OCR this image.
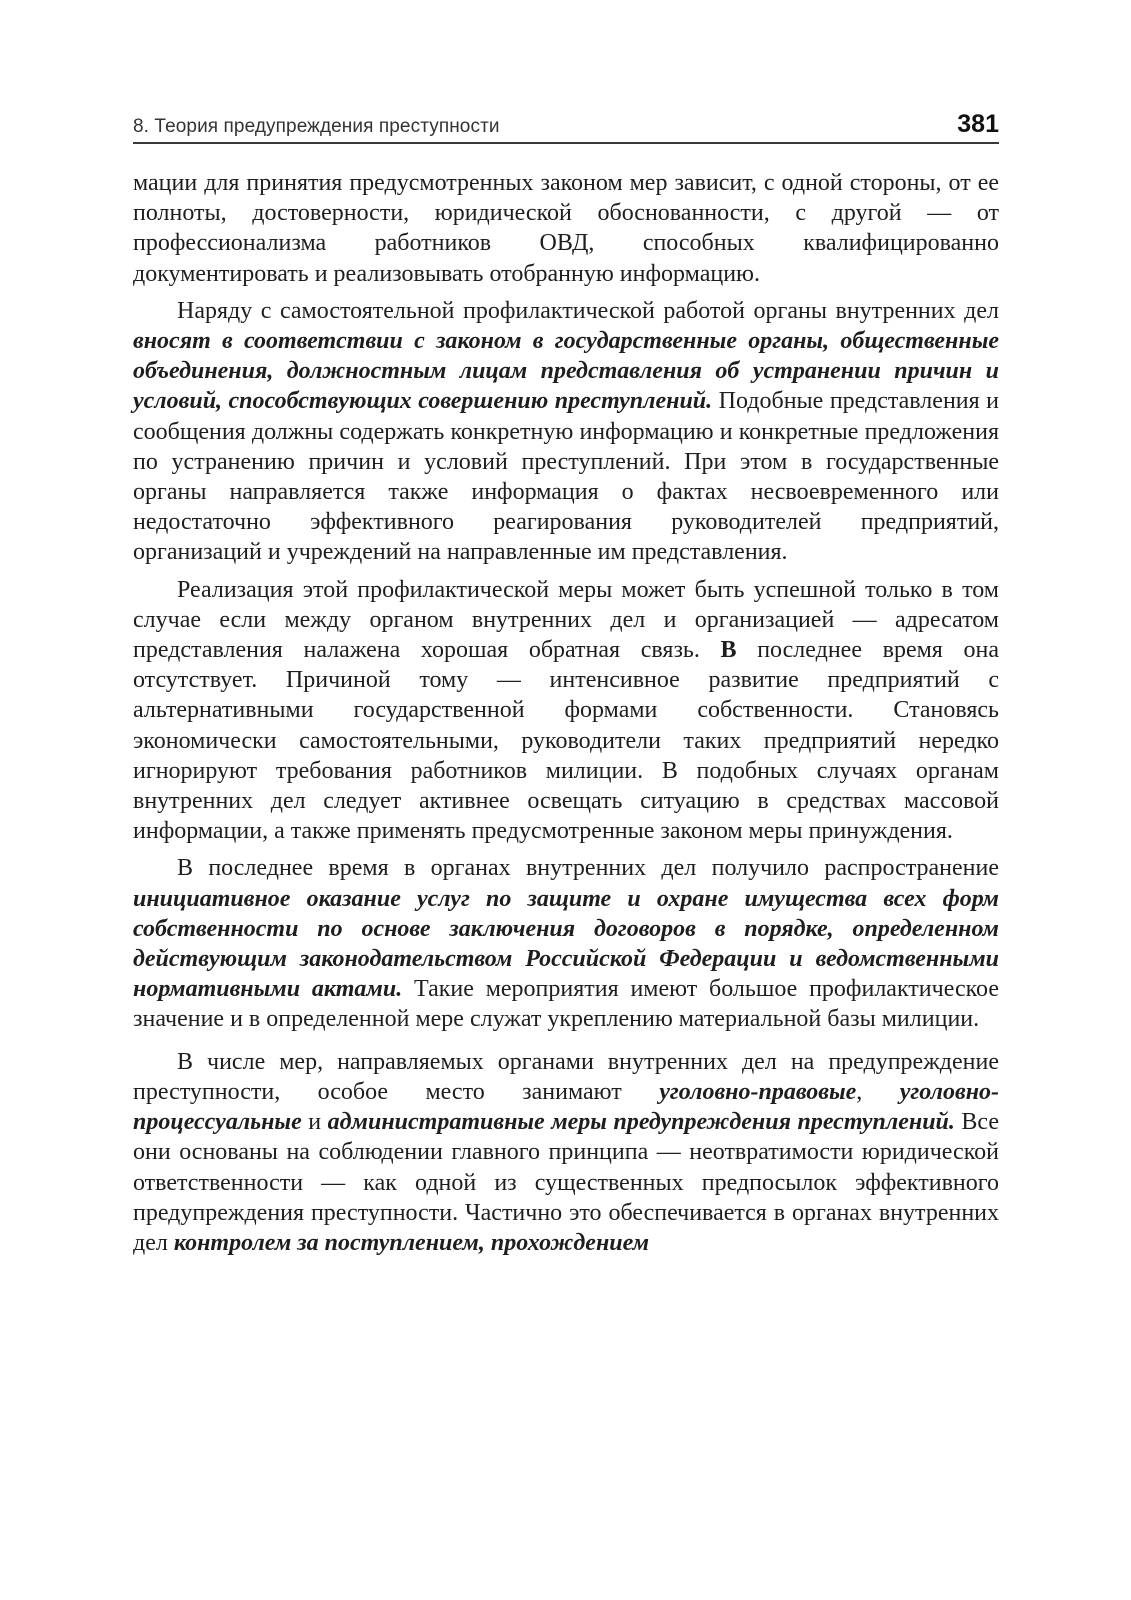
8. Теория предупреждения преступности	381

мации для принятия предусмотренных законом мер зависит, с одной стороны, от ее полноты, достоверности, юридической обоснованности, с другой — от профессионализма работников ОВД, способных квалифицированно документировать и реализовывать отобранную информацию.

Наряду с самостоятельной профилактической работой органы внутренних дел вносят в соответствии с законом в государственные органы, общественные объединения, должностным лицам представления об устранении причин и условий, способствующих совершению преступлений. Подобные представления и сообщения должны содержать конкретную информацию и конкретные предложения по устранению причин и условий преступлений. При этом в государственные органы направляется также информация о фактах несвоевременного или недостаточно эффективного реагирования руководителей предприятий, организаций и учреждений на направленные им представления.

Реализация этой профилактической меры может быть успешной только в том случае если между органом внутренних дел и организацией — адресатом представления налажена хорошая обратная связь. В последнее время она отсутствует. Причиной тому — интенсивное развитие предприятий с альтернативными государственной формами собственности. Становясь экономически самостоятельными, руководители таких предприятий нередко игнорируют требования работников милиции. В подобных случаях органам внутренних дел следует активнее освещать ситуацию в средствах массовой информации, а также применять предусмотренные законом меры принуждения.

В последнее время в органах внутренних дел получило распространение инициативное оказание услуг по защите и охране имущества всех форм собственности по основе заключения договоров в порядке, определенном действующим законодательством Российской Федерации и ведомственными нормативными актами. Такие мероприятия имеют большое профилактическое значение и в определенной мере служат укреплению материальной базы милиции.

В числе мер, направляемых органами внутренних дел на предупреждение преступности, особое место занимают уголовно-правовые, уголовно-процессуальные и административные меры предупреждения преступлений. Все они основаны на соблюдении главного принципа — неотвратимости юридической ответственности — как одной из существенных предпосылок эффективного предупреждения преступности. Частично это обеспечивается в органах внутренних дел контролем за поступлением, прохождением
